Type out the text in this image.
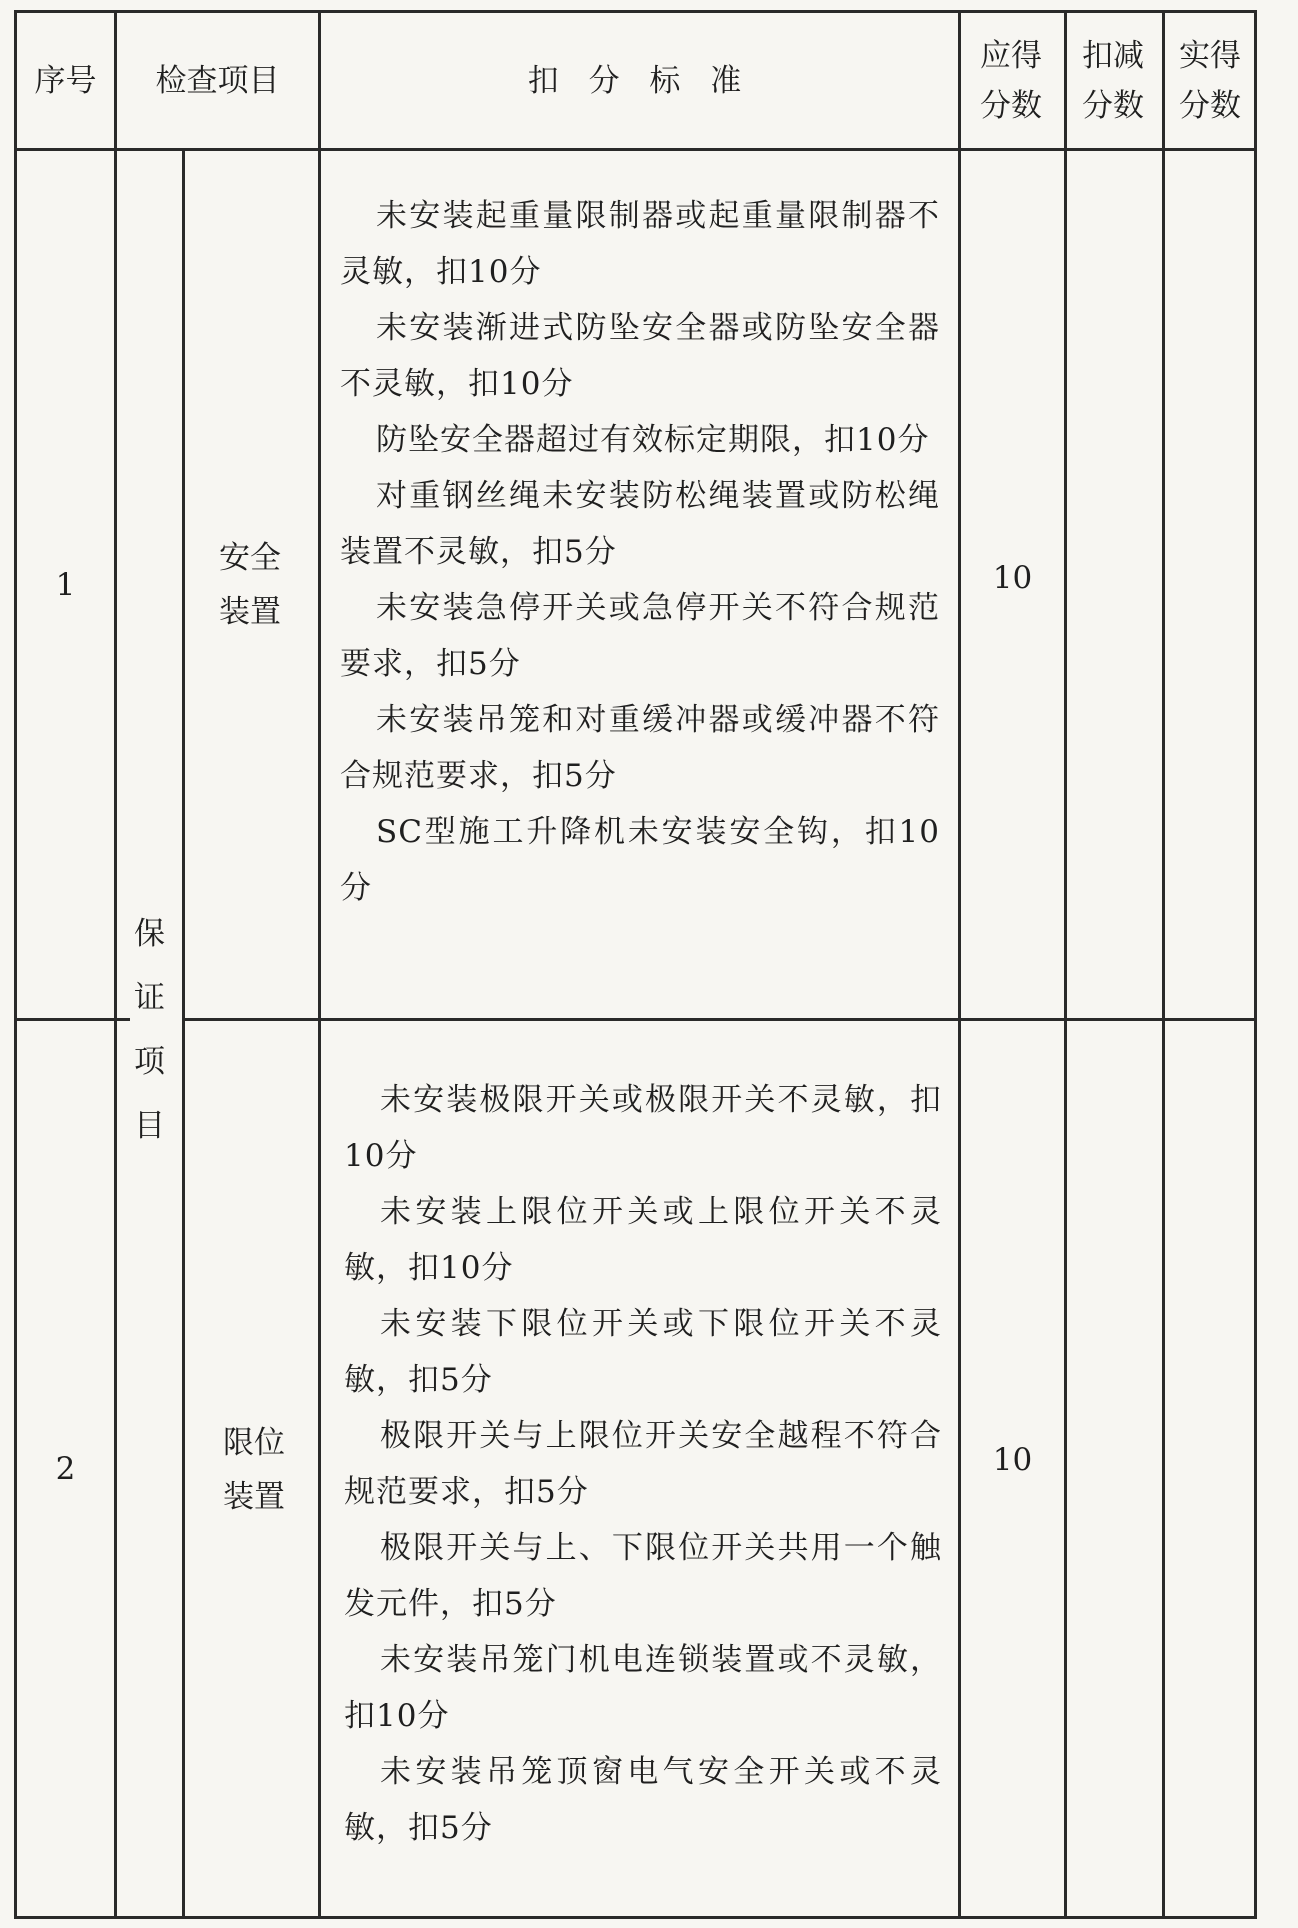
序号	检查项目	扣 分 标 准
应得分数
扣减分数
实得分数
保
证
项
目
1
安全装置
未安装起重量限制器或起重量限制器不灵敏，扣10分
未安装渐进式防坠安全器或防坠安全器不灵敏，扣10分
防坠安全器超过有效标定期限，扣10分
对重钢丝绳未安装防松绳装置或防松绳装置不灵敏，扣5分
未安装急停开关或急停开关不符合规范要求，扣5分
未安装吊笼和对重缓冲器或缓冲器不符合规范要求，扣5分
SC型施工升降机未安装安全钩，扣10分
10
2
限位装置
未安装极限开关或极限开关不灵敏，扣10分
未安装上限位开关或上限位开关不灵敏，扣10分
未安装下限位开关或下限位开关不灵敏，扣5分
极限开关与上限位开关安全越程不符合规范要求，扣5分
极限开关与上、下限位开关共用一个触发元件，扣5分
未安装吊笼门机电连锁装置或不灵敏，扣10分
未安装吊笼顶窗电气安全开关或不灵敏，扣5分
10
